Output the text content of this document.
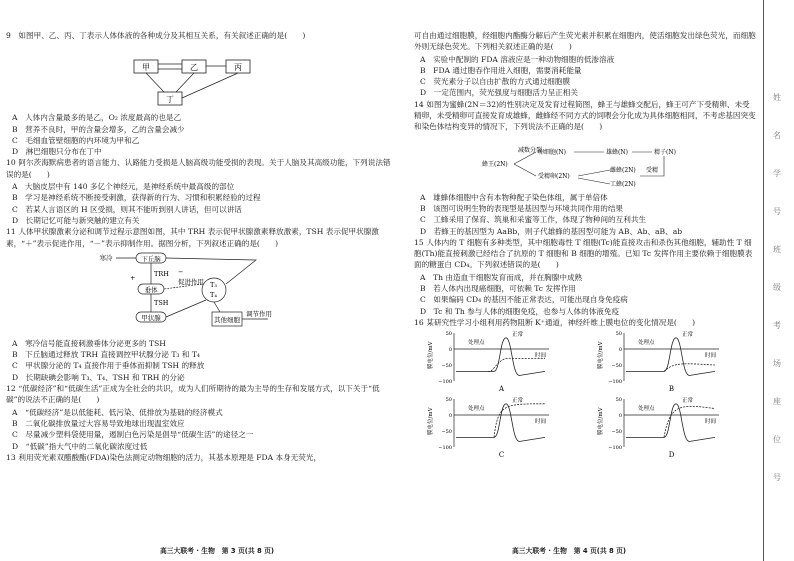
9 如图甲、乙、丙、丁表示人体体液的各种成分及其相互关系，有关叙述正确的是(　　)
甲	乙	丙
丁
A　人体内含量最多的是乙，O₂ 浓度最高的也是乙
B　营养不良时，甲的含量会增多，乙的含量会减少
C　毛细血管壁细胞的内环境为甲和乙
D　淋巴细胞只分布在丁中
10 阿尔茨海默病患者的语言能力、认路能力受损是人脑高级功能受损的表现。关于人脑及其高级功能，下列说法错误的是(　　)
A　大脑皮层中有 140 多亿个神经元，是神经系统中最高级的部位
B　学习是神经系统不断接受刺激，获得新的行为、习惯和积累经验的过程
C　若某人言语区的 H 区受损，则其不能听到别人讲话，但可以讲话
D　长期记忆可能与新突触的建立有关
11 人体甲状腺激素分泌和调节过程示意图如图，其中 TRH 表示促甲状腺激素释放激素，TSH 表示促甲状腺激素，“＋”表示促进作用，“－”表示抑制作用。据图分析，下列叙述正确的是(　　)
寒冷	下丘脑
TRH
垂体
TSH
甲状腺
T₃
T₄
促进作用
其他细胞
调节作用
+
−
A　寒冷信号能直接刺激垂体分泌更多的 TSH
B　下丘脑通过释放 TRH 直接调控甲状腺分泌 T₃ 和 T₄
C　甲状腺分泌的 T₄ 直接作用于垂体而抑制 TSH 的释放
D　长期缺碘会影响 T₃、T₄、TSH 和 TRH 的分泌
12 “低碳经济”和“低碳生活”正成为全社会的共识，成为人们所期待的最为主导的生存和发展方式，以下关于“低碳”的说法不正确的是(　　)
A　“低碳经济”是以低能耗、低污染、低排放为基础的经济模式
B　二氧化碳排放量过大容易导致地球出现温室效应
C　尽量减少塑料袋使用量，遏制白色污染是倡导“低碳生活”的途径之一
D　“低碳”指大气中的二氧化碳浓度过低
13 利用荧光素双醋酸酯(FDA)染色法测定动物细胞的活力，其基本原理是 FDA 本身无荧光，
可自由通过细胞膜，经细胞内酯酶分解后产生荧光素并积累在细胞内，使活细胞发出绿色荧光，而细胞外则无绿色荧光。下列相关叙述正确的是(　　)
A　实验中配制的 FDA 溶液应是一种动物细胞的低渗溶液
B　FDA 通过胞吞作用进入细胞，需要消耗能量
C　荧光素分子以自由扩散的方式通过细胞膜
D　一定范围内，荧光强度与细胞活力呈正相关
14 如图为蜜蜂(2N＝32)的性别决定及发育过程简图，蜂王与雄蜂交配后，蜂王可产下受精卵、未受精卵，未受精卵可直接发育成雄蜂，雌蜂经不同方式的饲喂会分化成为具体细胞相同，不考虑基因突变和染色体结构变异的情况下，下列说法不正确的是(　　)
蜂王(2N)
减数分裂
卵细胞(N)
受精卵(2N)
雄蜂(N)	精子(N)
雌蜂(2N)
工蜂(2N)
受精
A　雄蜂体细胞中含有本物种配子染色体组，属于单倍体
B　该图可说明生物的表现型是基因型与环境共同作用的结果
C　工蜂采用了保育、筑巢和采蜜等工作，体现了物种间的互利共生
D　若蜂王的基因型为 AaBb，则子代雄蜂的基因型可能为 AB、Ab、aB、ab
15 人体内的 T 细胞有多种类型，其中细胞毒性 T 细胞(Tc)能直接攻击和杀伤其他细胞，辅助性 T 细胞(Th)能直接刺激已经结合了抗原的 T 细胞和 B 细胞的增殖。已知 Tc 发挥作用主要依赖于细胞膜表面的糖蛋白 CD₄。下列叙述错误的是(　　)
A　Th 由造血干细胞发育而成，并在胸腺中成熟
B　若人体内出现癌细胞，可依赖 Tc 发挥作用
C　如果编码 CD₄ 的基因不能正常表达，可能出现自身免疫病
D　Tc 和 Th 参与人体的细胞免疫，也参与人体的体液免疫
16 某研究性学习小组利用药物阻断 K⁺通道，神经纤维上膜电位的变化情况是(　　)
50
0
−50
−100
膜电位/mV	时间
处理点
正常
A
50
0
−50
−100
膜电位/mV	时间
处理点
正常
B
50
0
−50
−100
膜电位/mV	时间
处理点
正常
C
50
0
−50
−100
膜电位/mV	时间
处理点
正常
D
高三大联考 · 生物　第 3 页(共 8 页)	高三大联考 · 生物　第 4 页(共 8 页)
姓
名
学
号
班
级
考
场
座
位
号
